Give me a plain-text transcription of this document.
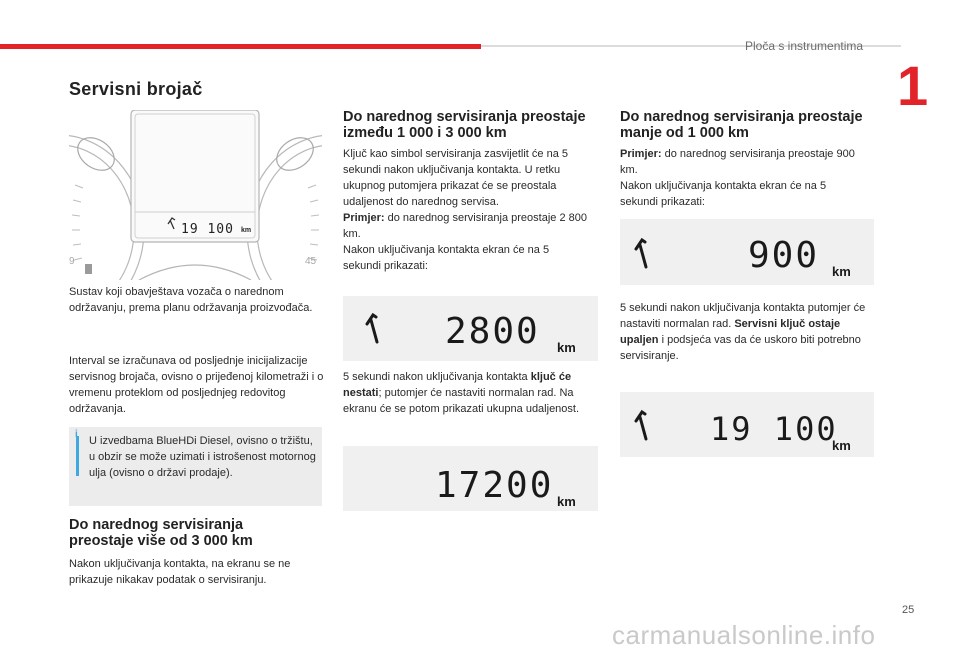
Ploča s instrumentima
1
Servisni brojač
9	45
19 100 km
Sustav koji obavještava vozača o narednom održavanju, prema planu održavanja proizvođača.
Interval se izračunava od posljednje inicijalizacije servisnog brojača, ovisno o prijeđenoj kilometraži i o vremenu proteklom od posljednjeg redovitog održavanja.
i
U izvedbama BlueHDi Diesel, ovisno o tržištu, u obzir se može uzimati i istrošenost motornog ulja (ovisno o državi prodaje).
Do narednog servisiranja preostaje više od 3 000 km
Nakon uključivanja kontakta, na ekranu se ne prikazuje nikakav podatak o servisiranju.
Do narednog servisiranja preostaje između 1 000 i 3 000 km
Ključ kao simbol servisiranja zasvijetlit će na 5 sekundi nakon uključivanja kontakta. U retku ukupnog putomjera prikazat će se preostala udaljenost do narednog servisa.
Primjer: do narednog servisiranja preostaje 2 800 km.
Nakon uključivanja kontakta ekran će na 5 sekundi prikazati:
2800 km
5 sekundi nakon uključivanja kontakta ključ će nestati; putomjer će nastaviti normalan rad. Na ekranu će se potom prikazati ukupna udaljenost.
17200 km
Do narednog servisiranja preostaje manje od 1 000 km
Primjer: do narednog servisiranja preostaje 900 km.
Nakon uključivanja kontakta ekran će na 5 sekundi prikazati:
900 km
5 sekundi nakon uključivanja kontakta putomjer će nastaviti normalan rad. Servisni ključ ostaje upaljen i podsjeća vas da će uskoro biti potrebno servisiranje.
19 100
km
25
carmanualsonline.info
